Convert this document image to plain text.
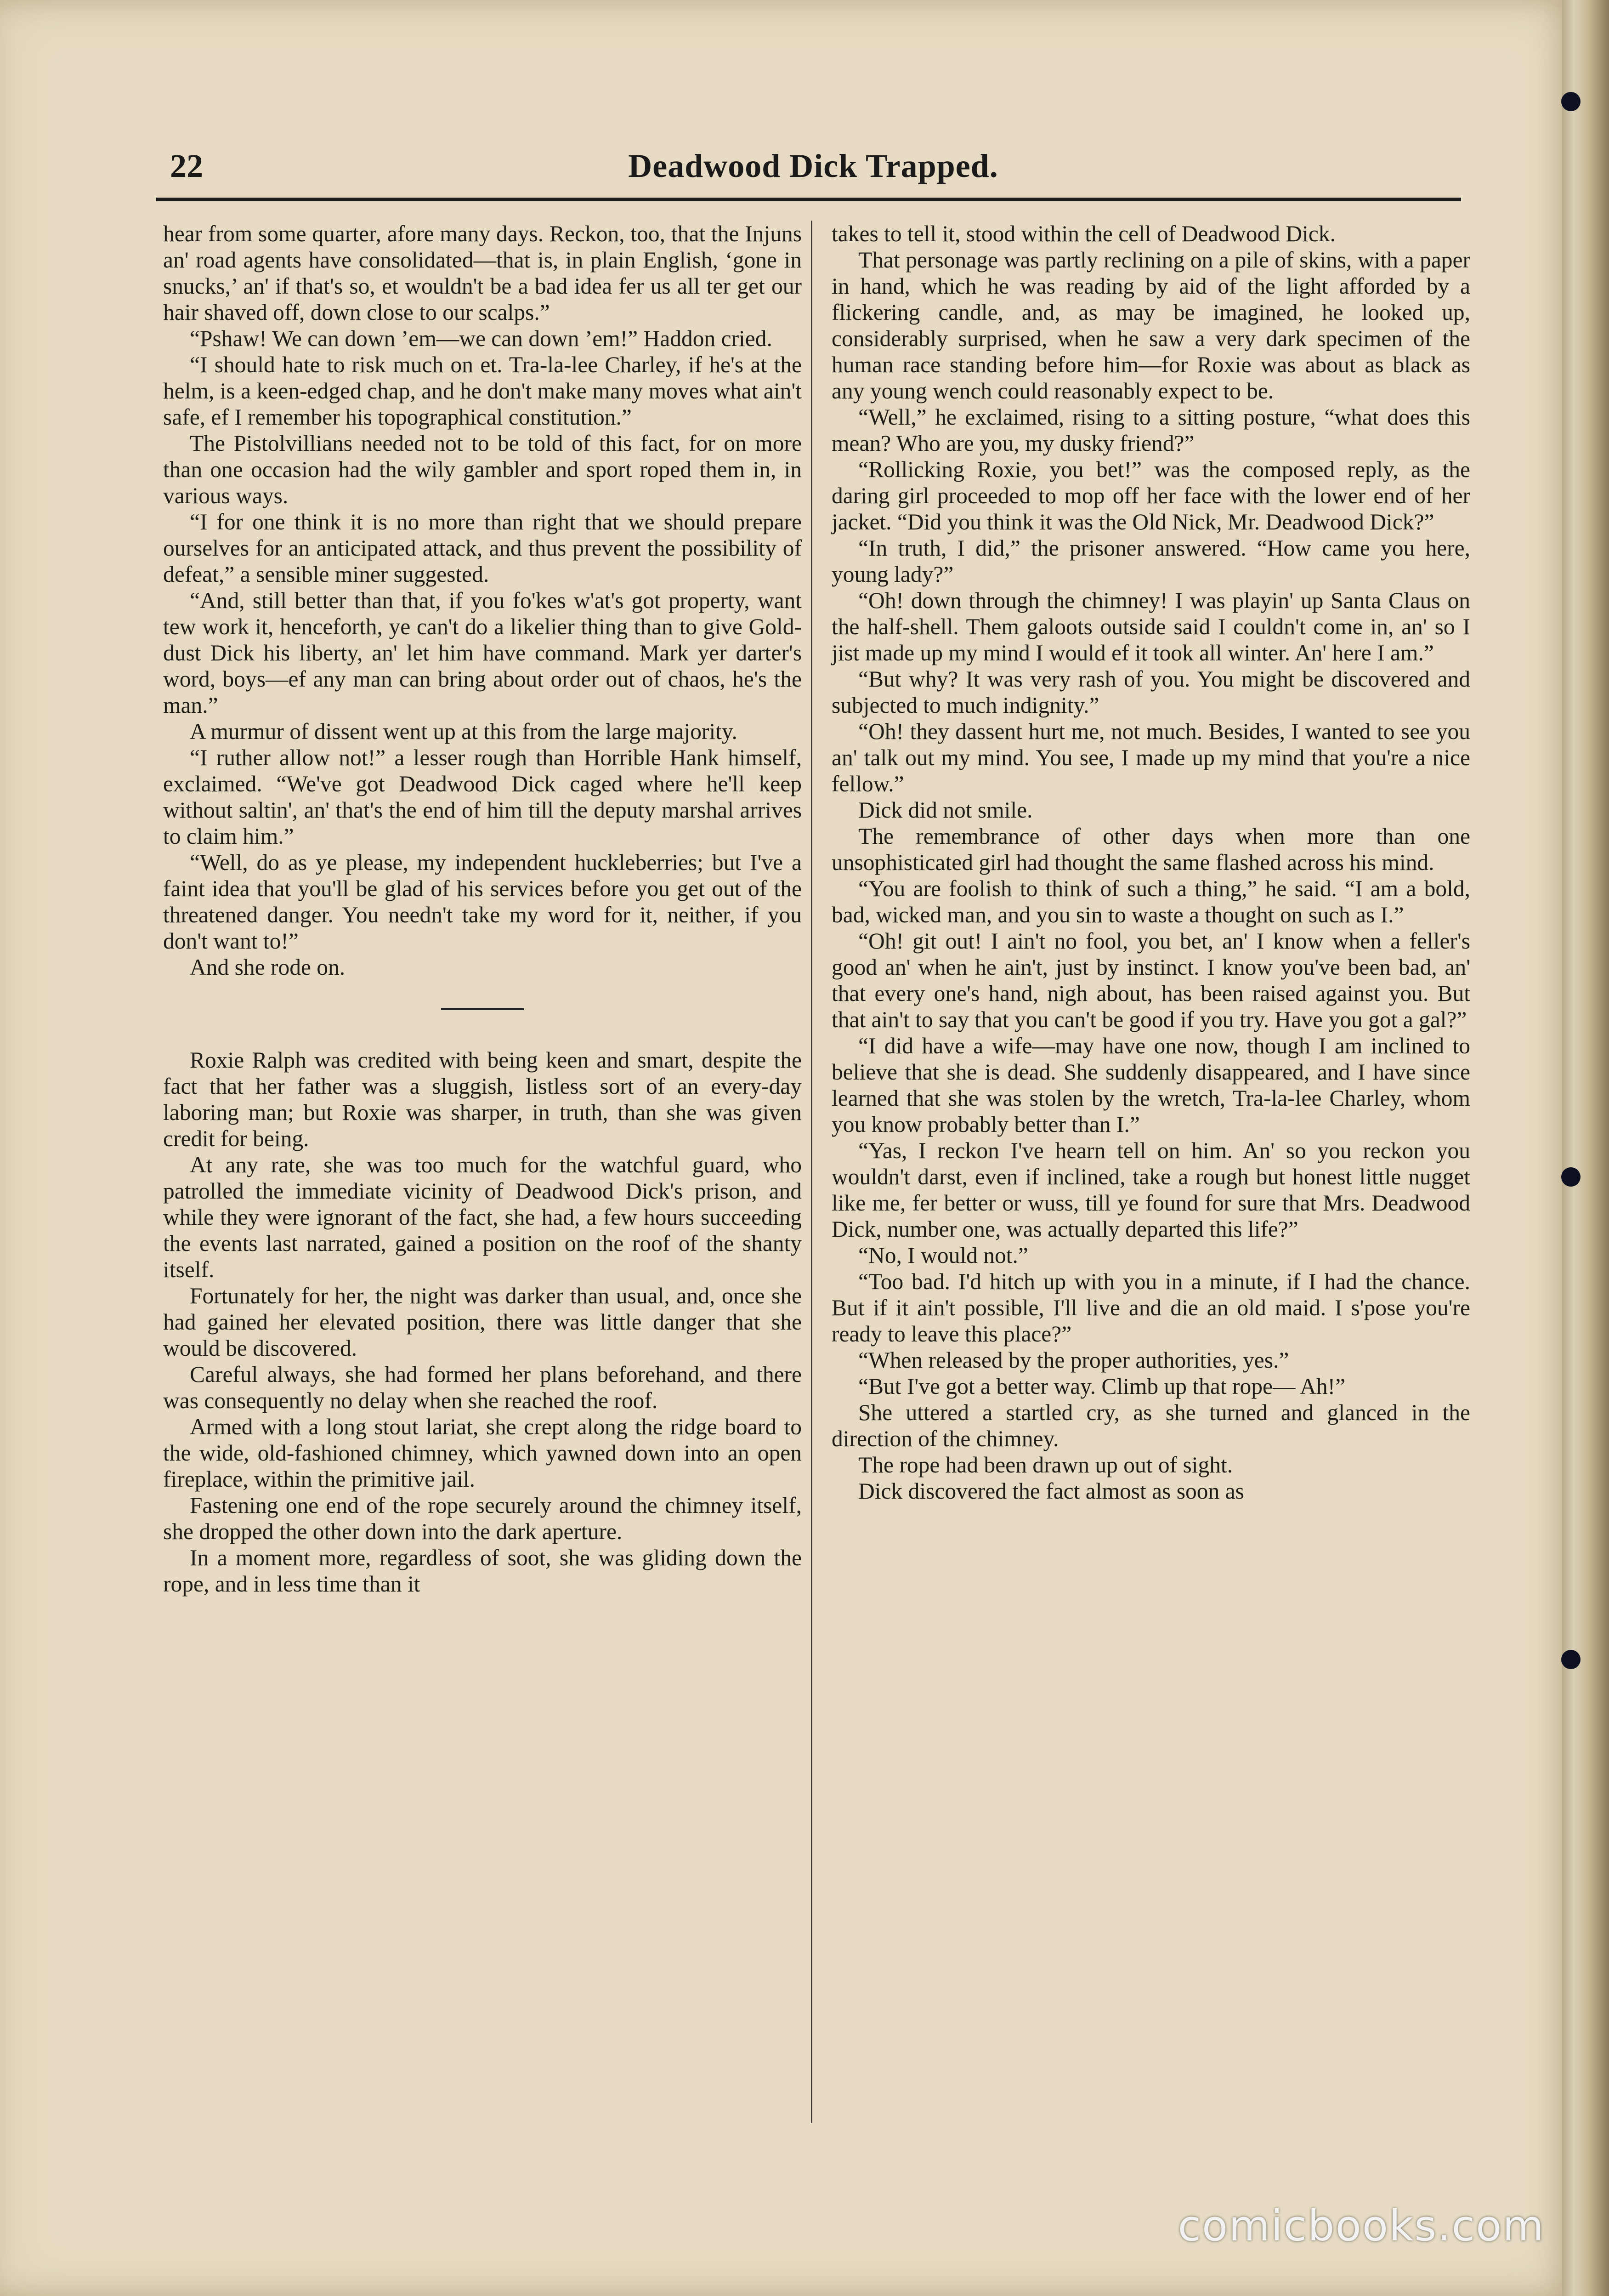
22	Deadwood Dick Trapped.

hear from some quarter, afore many days. Reckon, too, that the Injuns an' road agents have consolidated—that is, in plain English, ‘gone in snucks,’ an' if that's so, et wouldn't be a bad idea fer us all ter get our hair shaved off, down close to our scalps.”

“Pshaw! We can down ’em—we can down ’em!” Haddon cried.

“I should hate to risk much on et. Tra-la-lee Charley, if he's at the helm, is a keen-edged chap, and he don't make many moves what ain't safe, ef I remember his topographical constitution.”

The Pistolvillians needed not to be told of this fact, for on more than one occasion had the wily gambler and sport roped them in, in various ways.

“I for one think it is no more than right that we should prepare ourselves for an anticipated attack, and thus prevent the possibility of defeat,” a sensible miner suggested.

“And, still better than that, if you fo'kes w'at's got property, want tew work it, henceforth, ye can't do a likelier thing than to give Gold-dust Dick his liberty, an' let him have command. Mark yer darter's word, boys—ef any man can bring about order out of chaos, he's the man.”

A murmur of dissent went up at this from the large majority.

“I ruther allow not!” a lesser rough than Horrible Hank himself, exclaimed. “We've got Deadwood Dick caged where he'll keep without saltin', an' that's the end of him till the deputy marshal arrives to claim him.”

“Well, do as ye please, my independent huckleberries; but I've a faint idea that you'll be glad of his services before you get out of the threatened danger. You needn't take my word for it, neither, if you don't want to!”

And she rode on.

Roxie Ralph was credited with being keen and smart, despite the fact that her father was a sluggish, listless sort of an every-day laboring man; but Roxie was sharper, in truth, than she was given credit for being.

At any rate, she was too much for the watchful guard, who patrolled the immediate vicinity of Deadwood Dick's prison, and while they were ignorant of the fact, she had, a few hours succeeding the events last narrated, gained a position on the roof of the shanty itself.

Fortunately for her, the night was darker than usual, and, once she had gained her elevated position, there was little danger that she would be discovered.

Careful always, she had formed her plans beforehand, and there was consequently no delay when she reached the roof.

Armed with a long stout lariat, she crept along the ridge board to the wide, old-fashioned chimney, which yawned down into an open fireplace, within the primitive jail.

Fastening one end of the rope securely around the chimney itself, she dropped the other down into the dark aperture.

In a moment more, regardless of soot, she was gliding down the rope, and in less time than it

takes to tell it, stood within the cell of Deadwood Dick.

That personage was partly reclining on a pile of skins, with a paper in hand, which he was reading by aid of the light afforded by a flickering candle, and, as may be imagined, he looked up, considerably surprised, when he saw a very dark specimen of the human race standing before him—for Roxie was about as black as any young wench could reasonably expect to be.

“Well,” he exclaimed, rising to a sitting posture, “what does this mean? Who are you, my dusky friend?”

“Rollicking Roxie, you bet!” was the composed reply, as the daring girl proceeded to mop off her face with the lower end of her jacket. “Did you think it was the Old Nick, Mr. Deadwood Dick?”

“In truth, I did,” the prisoner answered. “How came you here, young lady?”

“Oh! down through the chimney! I was playin' up Santa Claus on the half-shell. Them galoots outside said I couldn't come in, an' so I jist made up my mind I would ef it took all winter. An' here I am.”

“But why? It was very rash of you. You might be discovered and subjected to much indignity.”

“Oh! they dassent hurt me, not much. Besides, I wanted to see you an' talk out my mind. You see, I made up my mind that you're a nice fellow.”

Dick did not smile.

The remembrance of other days when more than one unsophisticated girl had thought the same flashed across his mind.

“You are foolish to think of such a thing,” he said. “I am a bold, bad, wicked man, and you sin to waste a thought on such as I.”

“Oh! git out! I ain't no fool, you bet, an' I know when a feller's good an' when he ain't, just by instinct. I know you've been bad, an' that every one's hand, nigh about, has been raised against you. But that ain't to say that you can't be good if you try. Have you got a gal?”

“I did have a wife—may have one now, though I am inclined to believe that she is dead. She suddenly disappeared, and I have since learned that she was stolen by the wretch, Tra-la-lee Charley, whom you know probably better than I.”

“Yas, I reckon I've hearn tell on him. An' so you reckon you wouldn't darst, even if inclined, take a rough but honest little nugget like me, fer better or wuss, till ye found for sure that Mrs. Deadwood Dick, number one, was actually departed this life?”

“No, I would not.”

“Too bad. I'd hitch up with you in a minute, if I had the chance. But if it ain't possible, I'll live and die an old maid. I s'pose you're ready to leave this place?”

“When released by the proper authorities, yes.”

“But I've got a better way. Climb up that rope— Ah!”

She uttered a startled cry, as she turned and glanced in the direction of the chimney.

The rope had been drawn up out of sight.

Dick discovered the fact almost as soon as

comicbooks.com
